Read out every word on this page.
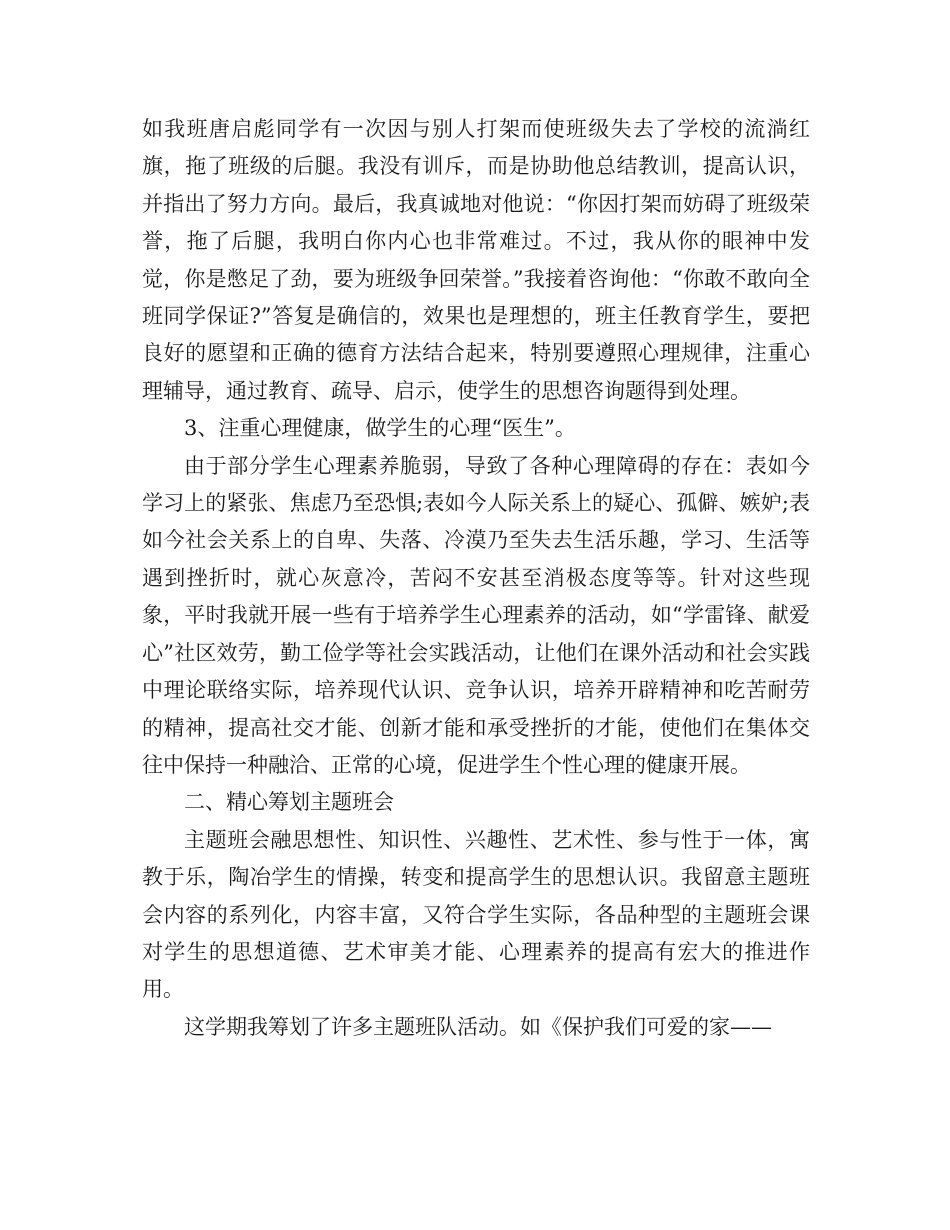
如我班唐启彪同学有一次因与别人打架而使班级失去了学校的流淌红旗，拖了班级的后腿。我没有训斥，而是协助他总结教训，提高认识，并指出了努力方向。最后，我真诚地对他说：“你因打架而妨碍了班级荣誉，拖了后腿，我明白你内心也非常难过。不过，我从你的眼神中发觉，你是憋足了劲，要为班级争回荣誉。”我接着咨询他：“你敢不敢向全班同学保证?”答复是确信的，效果也是理想的，班主任教育学生，要把良好的愿望和正确的德育方法结合起来，特别要遵照心理规律，注重心理辅导，通过教育、疏导、启示，使学生的思想咨询题得到处理。

3、注重心理健康，做学生的心理“医生”。

由于部分学生心理素养脆弱，导致了各种心理障碍的存在：表如今学习上的紧张、焦虑乃至恐惧;表如今人际关系上的疑心、孤僻、嫉妒;表如今社会关系上的自卑、失落、冷漠乃至失去生活乐趣，学习、生活等遇到挫折时，就心灰意冷，苦闷不安甚至消极态度等等。针对这些现象，平时我就开展一些有于培养学生心理素养的活动，如“学雷锋、献爱心”社区效劳，勤工俭学等社会实践活动，让他们在课外活动和社会实践中理论联络实际，培养现代认识、竞争认识，培养开辟精神和吃苦耐劳的精神，提高社交才能、创新才能和承受挫折的才能，使他们在集体交往中保持一种融洽、正常的心境，促进学生个性心理的健康开展。

二、精心筹划主题班会

主题班会融思想性、知识性、兴趣性、艺术性、参与性于一体，寓教于乐，陶冶学生的情操，转变和提高学生的思想认识。我留意主题班会内容的系列化，内容丰富，又符合学生实际，各品种型的主题班会课对学生的思想道德、艺术审美才能、心理素养的提高有宏大的推进作用。

这学期我筹划了许多主题班队活动。如《保护我们可爱的家——
